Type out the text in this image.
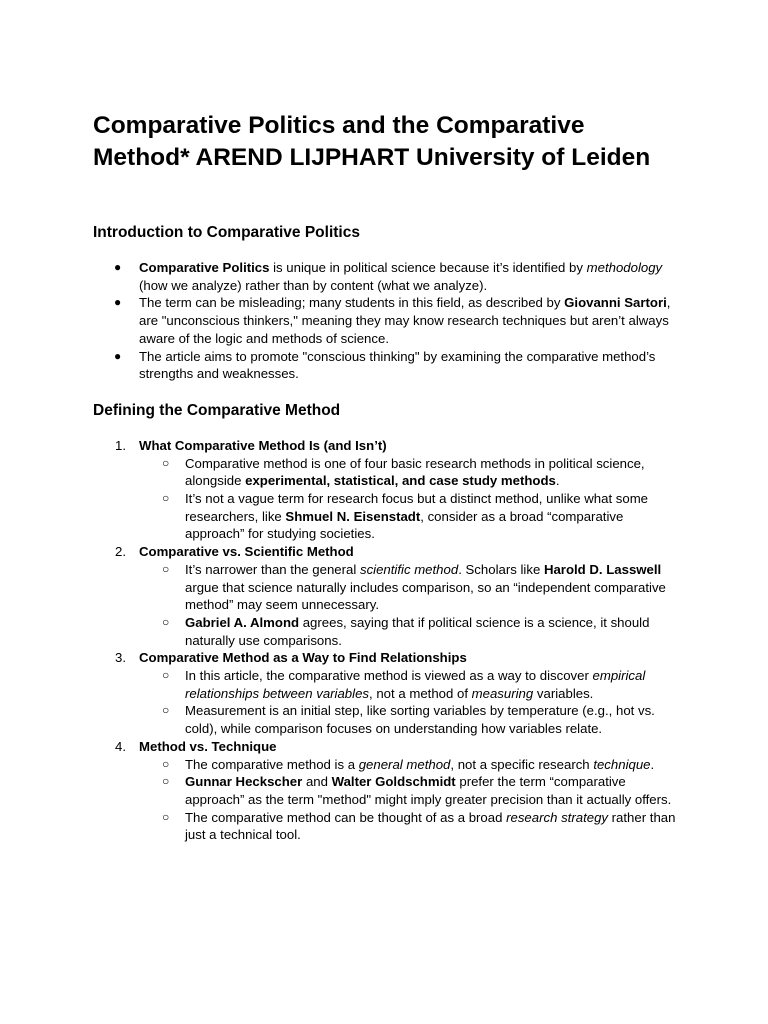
Comparative Politics and the Comparative Method* AREND LIJPHART University of Leiden
Introduction to Comparative Politics
● Comparative Politics is unique in political science because it’s identified by methodology (how we analyze) rather than by content (what we analyze).
● The term can be misleading; many students in this field, as described by Giovanni Sartori, are "unconscious thinkers," meaning they may know research techniques but aren’t always aware of the logic and methods of science.
● The article aims to promote "conscious thinking" by examining the comparative method’s strengths and weaknesses.
Defining the Comparative Method
1. What Comparative Method Is (and Isn’t)
○ Comparative method is one of four basic research methods in political science, alongside experimental, statistical, and case study methods.
○ It’s not a vague term for research focus but a distinct method, unlike what some researchers, like Shmuel N. Eisenstadt, consider as a broad “comparative approach” for studying societies.
2. Comparative vs. Scientific Method
○ It’s narrower than the general scientific method. Scholars like Harold D. Lasswell argue that science naturally includes comparison, so an “independent comparative method” may seem unnecessary.
○ Gabriel A. Almond agrees, saying that if political science is a science, it should naturally use comparisons.
3. Comparative Method as a Way to Find Relationships
○ In this article, the comparative method is viewed as a way to discover empirical relationships between variables, not a method of measuring variables.
○ Measurement is an initial step, like sorting variables by temperature (e.g., hot vs. cold), while comparison focuses on understanding how variables relate.
4. Method vs. Technique
○ The comparative method is a general method, not a specific research technique.
○ Gunnar Heckscher and Walter Goldschmidt prefer the term “comparative approach” as the term "method" might imply greater precision than it actually offers.
○ The comparative method can be thought of as a broad research strategy rather than just a technical tool.
